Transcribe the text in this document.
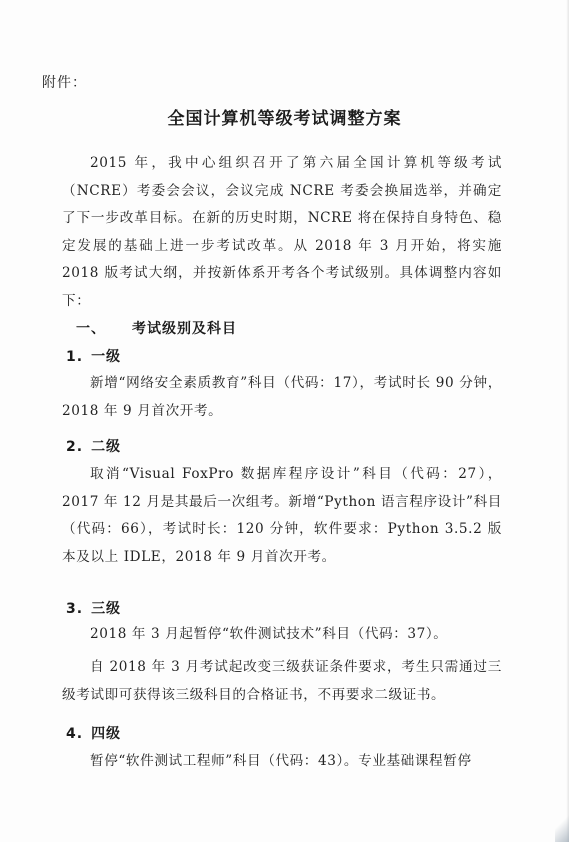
附件：
全国计算机等级考试调整方案
2015 年，我中心组织召开了第六届全国计算机等级考试（NCRE）考委会会议，会议完成 NCRE 考委会换届选举，并确定了下一步改革目标。在新的历史时期，NCRE 将在保持自身特色、稳定发展的基础上进一步考试改革。从 2018 年 3 月开始，将实施 2018 版考试大纲，并按新体系开考各个考试级别。具体调整内容如下：
一、 考试级别及科目
1. 一级
新增“网络安全素质教育”科目（代码：17），考试时长 90 分钟，2018 年 9 月首次开考。
2. 二级
取消“Visual FoxPro 数据库程序设计”科目（代码：27），2017 年 12 月是其最后一次组考。新增“Python 语言程序设计”科目（代码：66），考试时长：120 分钟，软件要求：Python 3.5.2 版本及以上 IDLE，2018 年 9 月首次开考。
3. 三级
2018 年 3 月起暂停“软件测试技术”科目（代码：37）。
自 2018 年 3 月考试起改变三级获证条件要求，考生只需通过三级考试即可获得该三级科目的合格证书，不再要求二级证书。
4. 四级
暂停“软件测试工程师”科目（代码：43）。专业基础课程暂停
